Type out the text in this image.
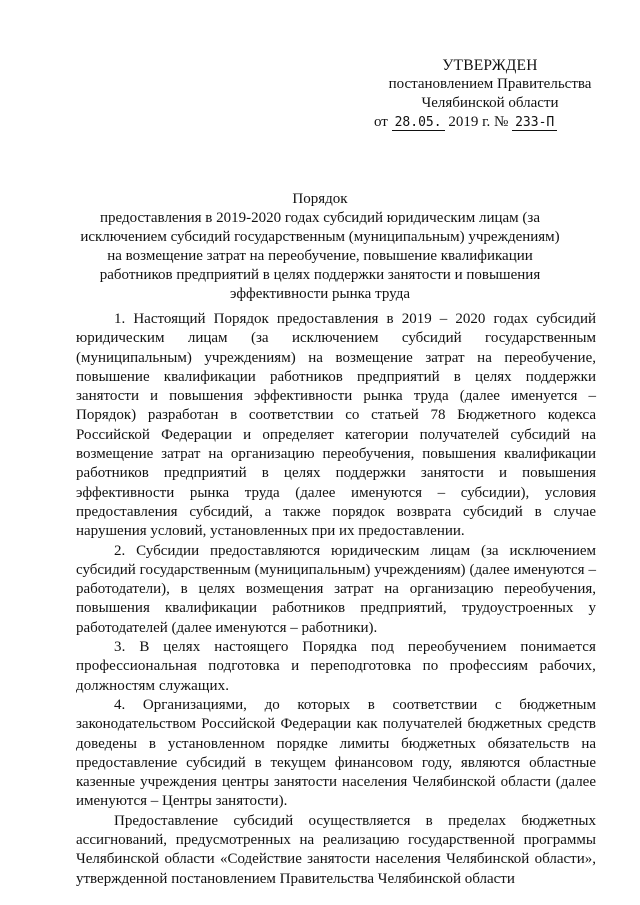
УТВЕРЖДЕН
постановлением Правительства
Челябинской области
от 28.05. 2019 г. № 233-П
Порядок
предоставления в 2019-2020 годах субсидий юридическим лицам (за исключением субсидий государственным (муниципальным) учреждениям) на возмещение затрат на переобучение, повышение квалификации работников предприятий в целях поддержки занятости и повышения эффективности рынка труда

1. Настоящий Порядок предоставления в 2019 – 2020 годах субсидий юридическим лицам (за исключением субсидий государственным (муниципальным) учреждениям) на возмещение затрат на переобучение, повышение квалификации работников предприятий в целях поддержки занятости и повышения эффективности рынка труда (далее именуется – Порядок) разработан в соответствии со статьей 78 Бюджетного кодекса Российской Федерации и определяет категории получателей субсидий на возмещение затрат на организацию переобучения, повышения квалификации работников предприятий в целях поддержки занятости и повышения эффективности рынка труда (далее именуются – субсидии), условия предоставления субсидий, а также порядок возврата субсидий в случае нарушения условий, установленных при их предоставлении.

2. Субсидии предоставляются юридическим лицам (за исключением субсидий государственным (муниципальным) учреждениям) (далее именуются – работодатели), в целях возмещения затрат на организацию переобучения, повышения квалификации работников предприятий, трудоустроенных у работодателей (далее именуются – работники).

3. В целях настоящего Порядка под переобучением понимается профессиональная подготовка и переподготовка по профессиям рабочих, должностям служащих.

4. Организациями, до которых в соответствии с бюджетным законодательством Российской Федерации как получателей бюджетных средств доведены в установленном порядке лимиты бюджетных обязательств на предоставление субсидий в текущем финансовом году, являются областные казенные учреждения центры занятости населения Челябинской области (далее именуются – Центры занятости).

Предоставление субсидий осуществляется в пределах бюджетных ассигнований, предусмотренных на реализацию государственной программы Челябинской области «Содействие занятости населения Челябинской области», утвержденной постановлением Правительства Челябинской области
